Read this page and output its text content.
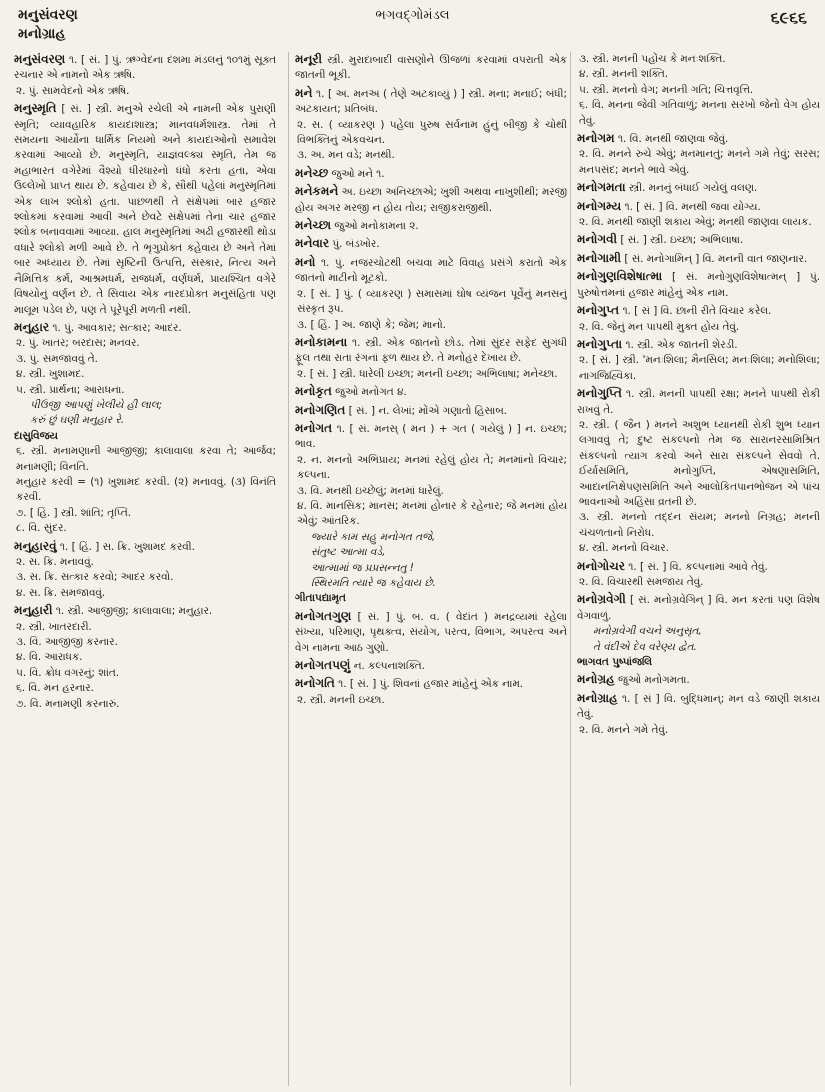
મનુસંવરણ
મનોગ્રાહ
ભગવદ્ગોમંડલ	૬૯૬૬

મનુસંવરણ ૧. [ સં. ] પું. ઋગ્વેદના દશમા મંડલનું ૧૦૧મું સૂક્ત રચનાર એ નામનો એક ઋષિ.

૨. પું. સામવેદનો એક ઋષિ.

મનુસ્મૃતિ [ સં. ] સ્ત્રી. મનુએ રચેલી એ નામની એક પુરાણી સ્મૃતિ; વ્યાવહારિક કાયદાશાસ્ત્ર; માનવધર્મશાસ્ત્ર. તેમાં તે સમયના આર્યોના ધાર્મિક નિયમો અને કાયદાઓનો સમાવેશ કરવામાં આવ્યો છે. મનુસ્મૃતિ, યાજ્ઞવલ્ક્ય સ્મૃતિ, તેમ જ મહાભારત વગેરેમાં વૈશ્યો ધીરધારનો ધંધો કરતા હતા, એવા ઉલ્લેખો પ્રાપ્ત થાય છે. કહેવાય છે કે, સૌથી પહેલાં મનુસ્મૃતિમાં એક લાખ શ્લોકો હતા. પાછળથી તે સંક્ષેપમાં બાર હજાર શ્લોકમાં કરવામાં આવી અને છેવટે સંક્ષેપમાં તેના ચાર હજાર શ્લોક બનાવવામાં આવ્યા. હાલ મનુસ્મૃતિમાં અઢી હજારથી થોડા વધારે શ્લોકો મળી આવે છે. તે ભૃગુપ્રોક્ત કહેવાય છે અને તેમાં બાર અધ્યાય છે. તેમાં સૃષ્ટિની ઉત્પત્તિ, સંસ્કાર, નિત્ય અને નૈમિત્તિક કર્મ, આશ્રમધર્મ, રાજધર્મ, વર્ણધર્મ, પ્રાયશ્ચિત વગેરે વિષયોનું વર્ણન છે. તે સિવાય એક નારદપ્રોક્ત મનુસંહિતા પણ માલૂમ પડેલ છે, પણ તે પૂરેપૂરી મળતી નથી.

મનુહાર ૧. પું. આવકાર; સત્કાર; આદર.

૨. પું. ખાતર; બરદાસ; મનવર.

૩. પું. સમજાવવું તે.

૪. સ્ત્રી. ખુશામદ.

૫. સ્ત્રી. પ્રાર્થના; આરાધના.

પીઉજી આપણું ખેલીયે હી લાલ;

કરું છું ઘણી મનુહાર રે.

દાસુવિજય

૬. સ્ત્રી. મનામણાની આજીજી; કાલાવાલા કરવા તે; આર્જવ; મનામણી; વિનતિ.

મનુહાર કરવી = (૧) ખુશામદ કરવી. (૨) મનાવવું. (૩) વિનંતિ કરવી.

૭. [ હિં. ] સ્ત્રી. શાંતિ; તૃપ્તિ.

૮. વિ. સુંદર.

મનુહારવું ૧. [ હિં. ] સ. ક્રિ. ખુશામદ કરવી.

૨. સ. ક્રિ. મનાવવું.

૩. સ. ક્રિ. સત્કાર કરવો; આદર કરવો.

૪. સ. ક્રિ. સમજાવવું.

મનુહારી ૧. સ્ત્રી. આજીજી; કાલાવાલા; મનુહાર.

૨. સ્ત્રી. ખાતરદારી.

૩. વિ. આજીજી કરનાર.

૪. વિ. આરાધક.

૫. વિ. ક્રોધ વગરનું; શાંત.

૬. વિ. મન હરનાર.

૭. વિ. મનામણી કરનારું.

મનૂરી સ્ત્રી. મુરાદાબાદી વાસણોને ઊજળાં કરવામાં વપરાતી એક જાતની ભૂકી.

મને ૧. [ અ. મનઅ ( તેણે અટકાવ્યું ) ] સ્ત્રી. મના; મનાઈ; બંધી; અટકાયત; પ્રતિબંધ.

૨. સ. ( વ્યાકરણ ) પહેલા પુરુષ સર્વનામ હુંનું બીજી કે ચોથી વિભક્તિનું એકવચન.

૩. અ. મન વડે; મનથી.

મનેચ્છ જુઓ મને ૧.

મનેકમને અ. ઇચ્છા અનિચ્છાએ; ખુશી અથવા નાખુશીથી; મરજી હોય અગર મરજી ન હોય તોય; રાજીકરાજીથી.

મનેચ્છા જુઓ મનોકામના ૨.

મનેવાર પું. બંડખોર.

મનો ૧. પું. નજરચોટથી બચવા માટે વિવાહ પ્રસંગે કરાતો એક જાતનો માટીનો મૂટકો.

૨. [ સં. ] પું. ( વ્યાકરણ ) સમાસમાં ઘોષ વ્યંજન પૂર્વેનું મનસનું સંસ્કૃત રૂપ.

૩. [ હિં. ] અ. જાણે કે; જેમ; માનો.

મનોકામના ૧. સ્ત્રી. એક જાતનો છોડ. તેમાં સુંદર સફેદ સુગંધી ફૂલ તથા રાતા રંગનાં ફળ થાય છે. તે મનોહર દેખાય છે.

૨. [ સં. ] સ્ત્રી. ધારેલી ઇચ્છા; મનની ઇચ્છા; અભિલાષા; મનેચ્છા.

મનોકૃત જુઓ મનોગત ૪.

મનોગણિત [ સં. ] ન. લેખાં; મોંએ ગણાતો હિસાબ.

મનોગત ૧. [ સં. મનસ્ ( મન ) + ગત ( ગયેલું ) ] ન. ઇચ્છા; ભાવ.

૨. ન. મનનો અભિપ્રાય; મનમાં રહેલું હોય તે; મનમાંનો વિચાર; કલ્પના.

૩. વિ. મનથી ઇચ્છેલું; મનમાં ધારેલું.

૪. વિ. માનસિક; માનસ; મનમાં હોનાર કે રહેનાર; જે મનમાં હોય એવું; આંતરિક.

જ્યારે કામ સહુ મનોગત તજે,

સંતુષ્ટ આત્મા વડે,

આત્મામાં જ પ્રપ્રસન્નતુ !

સ્થિરમતિ ત્યારે જ કહેવાય છે.

ગીતાપદ્યામૃત

મનોગતગુણ [ સં. ] પું. બ. વ. ( વેદાંત ) મનદ્રવ્યમાં રહેલા સંખ્યા, પરિમાણ, પૃથક્ત્વ, સંયોગ, પરત્વ, વિભાગ, અપરત્વ અને વેગ નામના આઠ ગુણો.

મનોગતપણું ન. કલ્પનાશક્તિ.

મનોગતિ ૧. [ સં. ] પું. શિવનાં હજાર માંહેનું એક નામ.

૨. સ્ત્રી. મનની ઇચ્છા.

૩. સ્ત્રી. મનની પહોંચ કે મનઃશક્તિ.

૪. સ્ત્રી. મનની શક્તિ.

૫. સ્ત્રી. મનનો વેગ; મનની ગતિ; ચિત્તવૃત્તિ.

૬. વિ. મનના જેવી ગતિવાળું; મનના સરખો જેનો વેગ હોય તેવું.

મનોગમ ૧. વિ. મનથી જાણવા જેવું.

૨. વિ. મનને રુચે એવું; મનમાનતું; મનને ગમે તેવું; સરસ; મનપસંદ; મનને ભાવે એવું.

મનોગમતા સ્ત્રી. મનનું બંધાઈ ગયેલું વલણ.

મનોગમ્ય ૧. [ સં. ] વિ. મનથી જવા યોગ્ય.

૨. વિ. મનથી જાણી શકાય એવું; મનથી જાણવા લાયક.

મનોગવી [ સં. ] સ્ત્રી. ઇચ્છા; અભિલાષા.

મનોગામી [ સં. મનોગામિન્ ] વિ. મનની વાત જાણનાર.

મનોગુણવિશેષાત્મા [ સં. મનોગુણવિશેષાત્મન્ ] પું. પુરુષોત્તમનાં હજાર માંહેનું એક નામ.

મનોગુપ્ત ૧. [ સં ] વિ. છાની રીતે વિચાર કરેલ.

૨. વિ. જેનું મન પાપથી મુક્ત હોય તેવું.

મનોગુપ્તા ૧. સ્ત્રી. એક જાતની શેરડી.

૨. [ સં. ] સ્ત્રી. 'મનઃશિલા; મૈનસિલ; મનઃશિલા; મનોશિલા; નાગજિહ્વિકા.

મનોગુપ્તિ ૧. સ્ત્રી. મનની પાપથી રક્ષા; મનને પાપથી રોકી રાખવું તે.

૨. સ્ત્રી. ( જૈન ) મનને અશુભ ધ્યાનથી રોકી શુભ ધ્યાન લગાવવું તે; દુષ્ટ સંકલ્પનો તેમ જ સારાનરસામિશ્રિત સંકલ્પનો ત્યાગ કરવો અને સારા સંકલ્પને સેવવો તે. ઈર્યાસમિતિ, મનોગુપ્તિ, એષણાસમિતિ, આદાનનિક્ષેપણસમિતિ અને આલોકિતપાનભોજન એ પાંચ ભાવનાઓ અહિંસા વ્રતની છે.

૩. સ્ત્રી. મનનો તદ્દન સંયમ; મનનો નિગ્રહ; મનની ચંચળતાનો નિરોધ.

૪. સ્ત્રી. મનનો વિચાર.

મનોગોચર ૧. [ સં. ] વિ. કલ્પનામાં આવે તેવું.

૨. વિ. વિચારથી સમજાય તેવું.

મનોગ્રવેગી [ સં. મનોગ્રવેગિન્ ] વિ. મન કરતાં પણ વિશેષ વેગવાળું.

મનોગ્રવેગી વચને અનુસૃત,

તે વંદીએ દેવ વરેણ્ય દ્વેત.

ભાગવત પુષ્પાંજલિ

મનોગ્રહ જુઓ મનોગમતા.

મનોગ્રાહ ૧. [ સં ] વિ. બુદ્ધિમાન્; મન વડે જાણી શકાય તેવું.

૨. વિ. મનને ગમે તેવું.
